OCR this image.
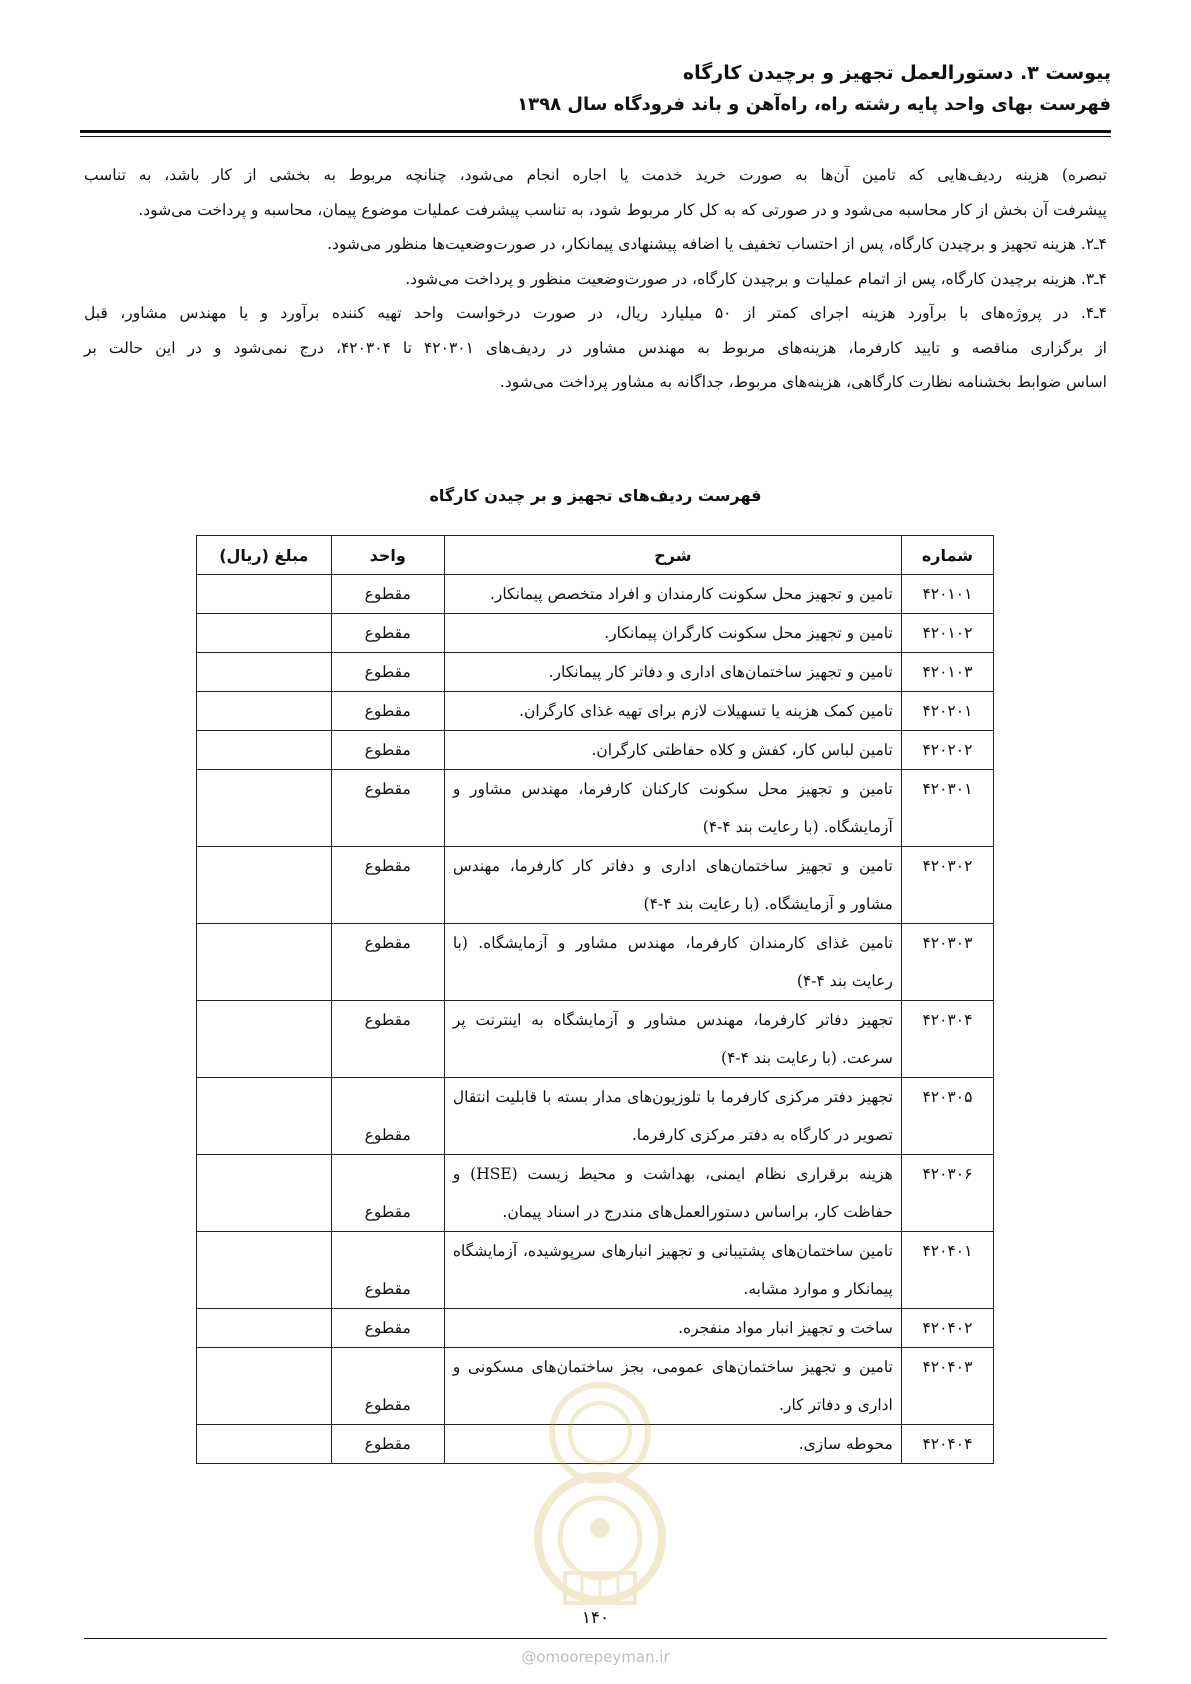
پیوست ۳. دستورالعمل تجهیز و برچیدن کارگاه
فهرست بهای واحد پایه رشته راه، راه‌آهن و باند فرودگاه سال ۱۳۹۸

تبصره) هزینه ردیف‌هایی که تامین آن‌ها به صورت خرید خدمت یا اجاره انجام می‌شود، چنانچه مربوط به بخشی از کار باشد، به تناسب

پیشرفت آن بخش از کار محاسبه می‌شود و در صورتی که به کل کار مربوط شود، به تناسب پیشرفت عملیات موضوع پیمان، محاسبه و پرداخت می‌شود.

۴ـ۲. هزینه تجهیز و برچیدن کارگاه، پس از احتساب تخفیف یا اضافه پیشنهادی پیمانکار، در صورت‌وضعیت‌ها منظور می‌شود.

۴ـ۳. هزینه برچیدن کارگاه، پس از اتمام عملیات و برچیدن کارگاه، در صورت‌وضعیت منظور و پرداخت می‌شود.

۴ـ۴. در پروژه‌های با برآورد هزینه اجرای کمتر از ۵۰ میلیارد ریال، در صورت درخواست واحد تهیه کننده برآورد و یا مهندس مشاور، قبل

از برگزاری مناقصه و تایید کارفرما، هزینه‌های مربوط به مهندس مشاور در ردیف‌های ۴۲۰۳۰۱ تا ۴۲۰۳۰۴، درج نمی‌شود و در این حالت بر

اساس ضوابط بخشنامه نظارت کارگاهی، هزینه‌های مربوط، جداگانه به مشاور پرداخت می‌شود.

فهرست ردیف‌های تجهیز و بر چیدن کارگاه
شماره	شرح	واحد	مبلغ (ریال)
۴۲۰۱۰۱	تامین و تجهیز محل سکونت کارمندان و افراد متخصص پیمانکار.	مقطوع	
۴۲۰۱۰۲	تامین و تجهیز محل سکونت کارگران پیمانکار.	مقطوع	
۴۲۰۱۰۳	تامین و تجهیز ساختمان‌های اداری و دفاتر کار پیمانکار.	مقطوع	
۴۲۰۲۰۱	تامین کمک هزینه یا تسهیلات لازم برای تهیه غذای کارگران.	مقطوع	
۴۲۰۲۰۲	تامین لباس کار، کفش و کلاه حفاظتی کارگران.	مقطوع	
۴۲۰۳۰۱	تامین و تجهیز محل سکونت کارکنان کارفرما، مهندس مشاور و آزمایشگاه. (با رعایت بند ۴-۴)	مقطوع	
۴۲۰۳۰۲	تامین و تجهیز ساختمان‌های اداری و دفاتر کار کارفرما، مهندس مشاور و آزمایشگاه. (با رعایت بند ۴-۴)	مقطوع	
۴۲۰۳۰۳	تامین غذای کارمندان کارفرما، مهندس مشاور و آزمایشگاه. (با رعایت بند ۴-۴)	مقطوع	
۴۲۰۳۰۴	تجهیز دفاتر کارفرما، مهندس مشاور و آزمایشگاه به اینترنت پر سرعت. (با رعایت بند ۴-۴)	مقطوع	
۴۲۰۳۰۵	تجهیز دفتر مرکزی کارفرما با تلوزیون‌های مدار بسته با قابلیت انتقال تصویر در کارگاه به دفتر مرکزی کارفرما.	مقطوع	
۴۲۰۳۰۶	هزینه برقراری نظام ایمنی، بهداشت و محیط زیست (HSE) و حفاظت کار، براساس دستورالعمل‌های مندرج در اسناد پیمان.	مقطوع	
۴۲۰۴۰۱	تامین ساختمان‌های پشتیبانی و تجهیز انبارهای سرپوشیده، آزمایشگاه پیمانکار و موارد مشابه.	مقطوع	
۴۲۰۴۰۲	ساخت و تجهیز انبار مواد منفجره.	مقطوع	
۴۲۰۴۰۳	تامین و تجهیز ساختمان‌های عمومی، بجز ساختمان‌های مسکونی و اداری و دفاتر کار.	مقطوع	
۴۲۰۴۰۴	محوطه سازی.	مقطوع	
۱۴۰
@omoorepeyman.ir
